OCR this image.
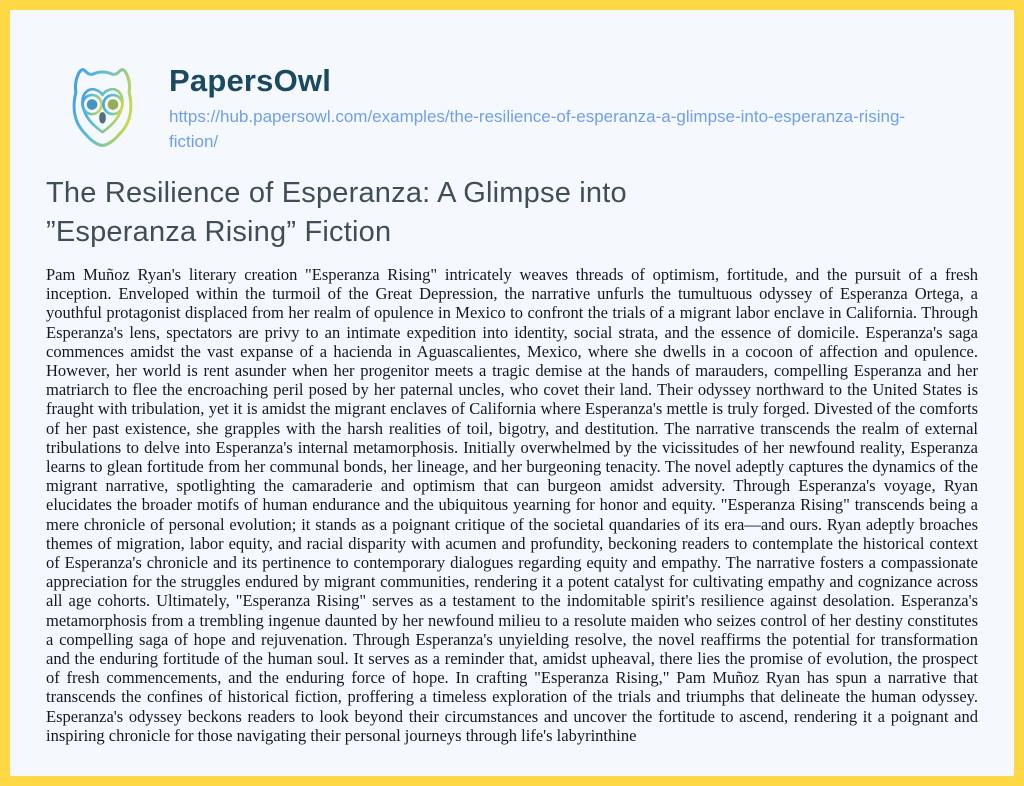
PapersOwl
https://hub.papersowl.com/examples/the-resilience-of-esperanza-a-glimpse-into-esperanza-rising-fiction/
The Resilience of Esperanza: A Glimpse into
”Esperanza Rising” Fiction

Pam Muñoz Ryan's literary creation "Esperanza Rising" intricately weaves threads of optimism, fortitude, and the pursuit of a fresh inception. Enveloped within the turmoil of the Great Depression, the narrative unfurls the tumultuous odyssey of Esperanza Ortega, a youthful protagonist displaced from her realm of opulence in Mexico to confront the trials of a migrant labor enclave in California. Through Esperanza's lens, spectators are privy to an intimate expedition into identity, social strata, and the essence of domicile. Esperanza's saga commences amidst the vast expanse of a hacienda in Aguascalientes, Mexico, where she dwells in a cocoon of affection and opulence. However, her world is rent asunder when her progenitor meets a tragic demise at the hands of marauders, compelling Esperanza and her matriarch to flee the encroaching peril posed by her paternal uncles, who covet their land. Their odyssey northward to the United States is fraught with tribulation, yet it is amidst the migrant enclaves of California where Esperanza's mettle is truly forged. Divested of the comforts of her past existence, she grapples with the harsh realities of toil, bigotry, and destitution. The narrative transcends the realm of external tribulations to delve into Esperanza's internal metamorphosis. Initially overwhelmed by the vicissitudes of her newfound reality, Esperanza learns to glean fortitude from her communal bonds, her lineage, and her burgeoning tenacity. The novel adeptly captures the dynamics of the migrant narrative, spotlighting the camaraderie and optimism that can burgeon amidst adversity. Through Esperanza's voyage, Ryan elucidates the broader motifs of human endurance and the ubiquitous yearning for honor and equity. "Esperanza Rising" transcends being a mere chronicle of personal evolution; it stands as a poignant critique of the societal quandaries of its era—and ours. Ryan adeptly broaches themes of migration, labor equity, and racial disparity with acumen and profundity, beckoning readers to contemplate the historical context of Esperanza's chronicle and its pertinence to contemporary dialogues regarding equity and empathy. The narrative fosters a compassionate appreciation for the struggles endured by migrant communities, rendering it a potent catalyst for cultivating empathy and cognizance across all age cohorts. Ultimately, "Esperanza Rising" serves as a testament to the indomitable spirit's resilience against desolation. Esperanza's metamorphosis from a trembling ingenue daunted by her newfound milieu to a resolute maiden who seizes control of her destiny constitutes a compelling saga of hope and rejuvenation. Through Esperanza's unyielding resolve, the novel reaffirms the potential for transformation and the enduring fortitude of the human soul. It serves as a reminder that, amidst upheaval, there lies the promise of evolution, the prospect of fresh commencements, and the enduring force of hope. In crafting "Esperanza Rising," Pam Muñoz Ryan has spun a narrative that transcends the confines of historical fiction, proffering a timeless exploration of the trials and triumphs that delineate the human odyssey. Esperanza's odyssey beckons readers to look beyond their circumstances and uncover the fortitude to ascend, rendering it a poignant and inspiring chronicle for those navigating their personal journeys through life's labyrinthine
